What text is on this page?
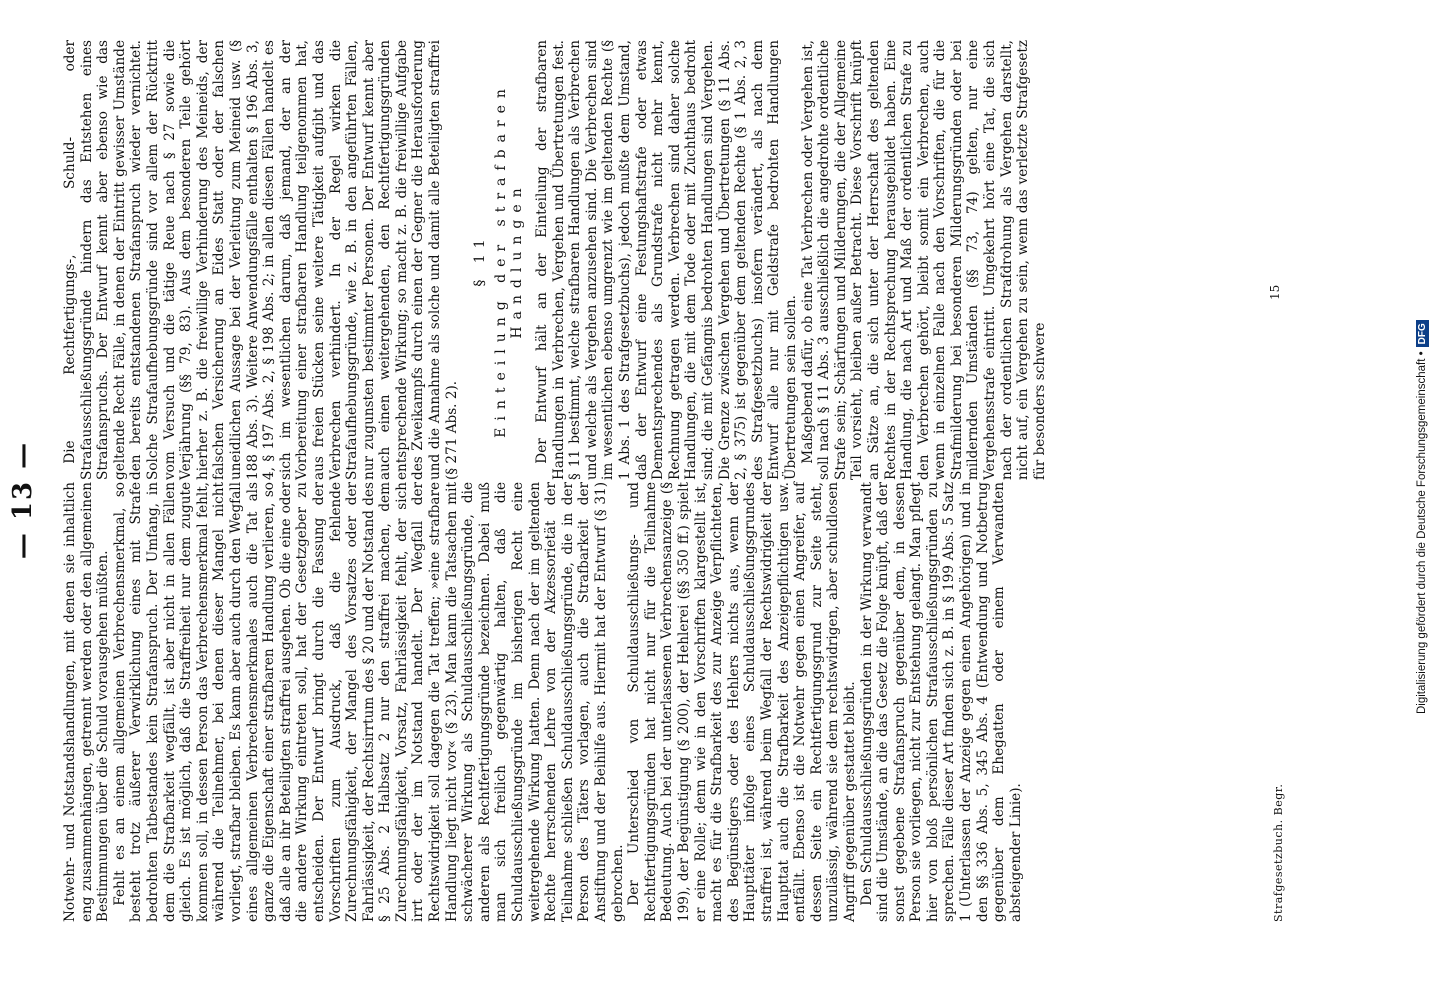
— 13 — Notwehr- und Notstandshandlungen, mit denen sie inhaltlich eng zusammenhängen, getrennt werden oder den allgemeinen Bestimmungen über die Schuld vorausgehen müßten. Fehlt es an einem allgemeinen Verbrechensmerkmal, so besteht trotz äußerer Verwirklichung eines mit Strafe bedrohten Tatbestandes kein Strafanspruch. Der Umfang, in dem die Strafbarkeit wegfällt, ist aber nicht in allen Fällen gleich. Es ist möglich, daß die Straffreiheit nur dem zugute kommen soll, in dessen Person das Verbrechensmerkmal fehlt, während die Teilnehmer, bei denen dieser Mangel nicht vorliegt, strafbar bleiben. Es kann aber auch durch den Wegfall eines allgemeinen Verbrechensmerkmales auch die Tat als ganze die Eigenschaft einer strafbaren Handlung verlieren, so daß alle an ihr Beteiligten straffrei ausgehen. Ob die eine oder die andere Wirkung eintreten soll, hat der Gesetzgeber zu entscheiden. Der Entwurf bringt durch die Fassung der Vorschriften zum Ausdruck, daß die fehlende Zurechnungsfähigkeit, der Mangel des Vorsatzes oder der Fahrlässigkeit, der Rechtsirrtum des § 20 und der Notstand des § 25 Abs. 2 Halbsatz 2 nur den straffrei machen, dem Zurechnungsfähigkeit, Vorsatz, Fahrlässigkeit fehlt, der sich irrt oder der im Notstand handelt. Der Wegfall der Rechtswidrigkeit soll dagegen die Tat treffen; »eine strafbare Handlung liegt nicht vor« (§ 23). Man kann die Tatsachen mit schwächerer Wirkung als Schuldausschließungsgründe, die anderen als Rechtfertigungsgründe bezeichnen. Dabei muß man sich freilich gegenwärtig halten, daß die Schuldausschließungsgründe im bisherigen Recht eine weitergehende Wirkung hatten. Denn nach der im geltenden Rechte herrschenden Lehre von der Akzessorietät der Teilnahme schließen Schuldausschließungsgründe, die in der Person des Täters vorlagen, auch die Strafbarkeit der Anstiftung und der Beihilfe aus. Hiermit hat der Entwurf (§ 31) gebrochen. Der Unterschied von Schuldausschließungs- und Rechtfertigungsgründen hat nicht nur für die Teilnahme Bedeutung. Auch bei der unterlassenen Verbrechensanzeige (§ 199), der Begünstigung (§ 200), der Hehlerei (§§ 350 ff.) spielt er eine Rolle; denn wie in den Vorschriften klargestellt ist, macht es für die Strafbarkeit des zur Anzeige Verpflichteten, des Begünstigers oder des Hehlers nichts aus, wenn der Haupttäter infolge eines Schuldausschließungsgrundes straffrei ist, während beim Wegfall der Rechtswidrigkeit der Haupttat auch die Strafbarkeit des Anzeigepflichtigen usw. entfällt. Ebenso ist die Notwehr gegen einen Angreifer, auf dessen Seite ein Rechtfertigungsgrund zur Seite steht, unzulässig, während sie dem rechtswidrigen, aber schuldlosen Angriff gegenüber gestattet bleibt. Den Schuldausschließungsgründen in der Wirkung verwandt sind die Umstände, an die das Gesetz die Folge knüpft, daß der sonst gegebene Strafanspruch gegenüber dem, in dessen Person sie vorliegen, nicht zur Entstehung gelangt. Man pflegt hier von bloß persönlichen Strafausschließungsgründen zu sprechen. Fälle dieser Art finden sich z. B. in § 199 Abs. 5 Satz 1 (Unterlassen der Anzeige gegen einen Angehörigen) und in den §§ 336 Abs. 5, 345 Abs. 4 (Entwendung und Notbetrug gegenüber dem Ehegatten oder einem Verwandten absteigender Linie).

Die Rechtfertigungs-, Schuld- oder Strafausschließungsgründe hindern das Entstehen eines Strafanspruchs. Der Entwurf kennt aber ebenso wie das geltende Recht Fälle, in denen der Eintritt gewisser Umstände den bereits entstandenen Strafanspruch wieder vernichtet. Solche Strafaufhebungsgründe sind vor allem der Rücktritt vom Versuch und die tätige Reue nach § 27 sowie die Verjährung (§§ 79, 83). Aus dem besonderen Teile gehört hierher z. B. die freiwillige Verhinderung des Meineids, der falschen Versicherung an Eides Statt oder der falschen uneidlichen Aussage bei der Verleitung zum Meineid usw. (§ 188 Abs. 3). Weitere Anwendungsfälle enthalten § 196 Abs. 3, 4, § 197 Abs. 2, § 198 Abs. 2; in allen diesen Fällen handelt es sich im wesentlichen darum, daß jemand, der an der Vorbereitung einer strafbaren Handlung teilgenommen hat, aus freien Stücken seine weitere Tätigkeit aufgibt und das Verbrechen verhindert. In der Regel wirken die Strafaufhebungsgründe, wie z. B. in den angeführten Fällen, nur zugunsten bestimmter Personen. Der Entwurf kennt aber auch einen weitergehenden, den Rechtfertigungsgründen entsprechende Wirkung; so macht z. B. die freiwillige Aufgabe des Zweikampfs durch einen der Gegner die Herausforderung und die Annahme als solche und damit alle Beteiligten straffrei (§ 271 Abs. 2).

§ 11 Einteilung der strafbaren Handlungen Der Entwurf hält an der Einteilung der strafbaren Handlungen in Verbrechen, Vergehen und Übertretungen fest. § 11 bestimmt, welche strafbaren Handlungen als Verbrechen und welche als Vergehen anzusehen sind. Die Verbrechen sind im wesentlichen ebenso umgrenzt wie im geltenden Rechte (§ 1 Abs. 1 des Strafgesetzbuchs), jedoch mußte dem Umstand, daß der Entwurf eine Festungshaftstrafe oder etwas Dementsprechendes als Grundstrafe nicht mehr kennt, Rechnung getragen werden. Verbrechen sind daher solche Handlungen, die mit dem Tode oder mit Zuchthaus bedroht sind; die mit Gefängnis bedrohten Handlungen sind Vergehen. Die Grenze zwischen Vergehen und Übertretungen (§ 11 Abs. 2, § 375) ist gegenüber dem geltenden Rechte (§ 1 Abs. 2, 3 des Strafgesetzbuchs) insofern verändert, als nach dem Entwurf alle nur mit Geldstrafe bedrohten Handlungen Übertretungen sein sollen. Maßgebend dafür, ob eine Tat Verbrechen oder Vergehen ist, soll nach § 11 Abs. 3 ausschließlich die angedrohte ordentliche Strafe sein; Schärfungen und Milderungen, die der Allgemeine Teil vorsieht, bleiben außer Betracht. Diese Vorschrift knüpft an Sätze an, die sich unter der Herrschaft des geltenden Rechtes in der Rechtsprechung herausgebildet haben. Eine Handlung, die nach Art und Maß der ordentlichen Strafe zu den Verbrechen gehört, bleibt somit ein Verbrechen, auch wenn in einzelnen Falle nach den Vorschriften, die für die Strafmilderung bei besonderen Milderungsgründen oder bei mildernden Umständen (§§ 73, 74) gelten, nur eine Vergehensstrafe eintritt. Umgekehrt hört eine Tat, die sich nach der ordentlichen Strafdrohung als Vergehen darstellt, nicht auf, ein Vergehen zu sein, wenn das verletzte Strafgesetz für besonders schwere

Strafgesetzbuch. Begr.
15
Digitalisierung gefördert durch die Deutsche Forschungsgemeinschaft •
DFG
